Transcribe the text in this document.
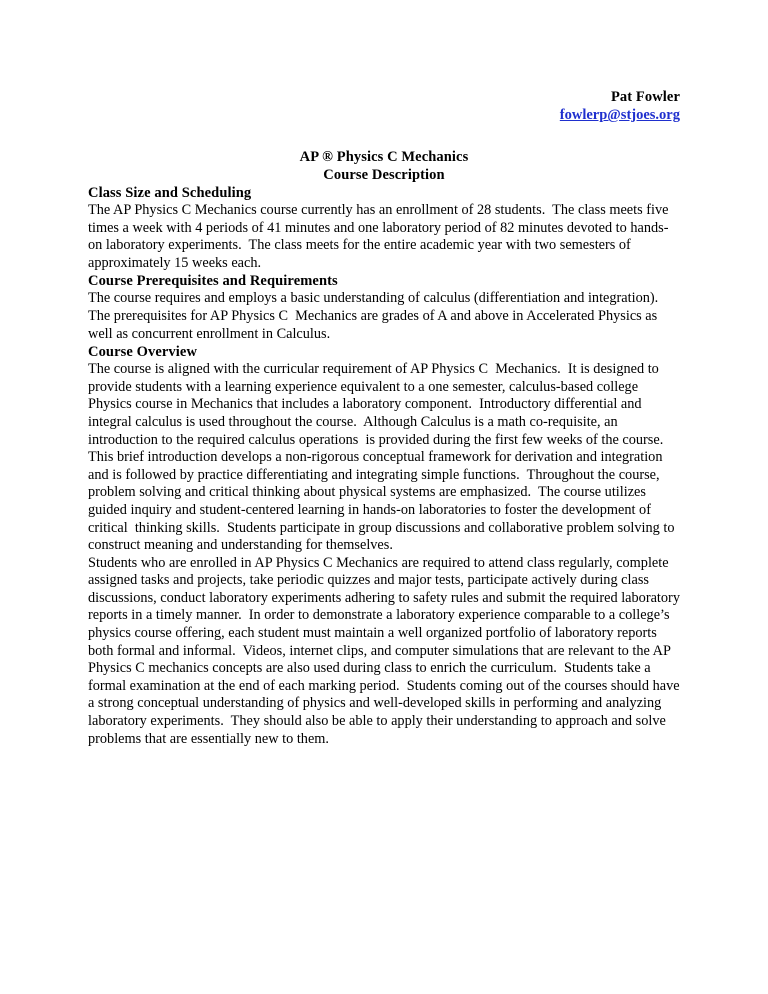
Pat Fowler
fowlerp@stjoes.org
AP ® Physics C Mechanics
Course Description
Class Size and Scheduling

The AP Physics C Mechanics course currently has an enrollment of 28 students.  The class meets five times a week with 4 periods of 41 minutes and one laboratory period of 82 minutes devoted to hands-on laboratory experiments.  The class meets for the entire academic year with two semesters of approximately 15 weeks each.

Course Prerequisites and Requirements

The course requires and employs a basic understanding of calculus (differentiation and integration).  The prerequisites for AP Physics C  Mechanics are grades of A and above in Accelerated Physics as well as concurrent enrollment in Calculus.

Course Overview

The course is aligned with the curricular requirement of AP Physics C  Mechanics.  It is designed to provide students with a learning experience equivalent to a one semester, calculus-based college Physics course in Mechanics that includes a laboratory component.  Introductory differential and integral calculus is used throughout the course.  Although Calculus is a math co-requisite, an introduction to the required calculus operations  is provided during the first few weeks of the course.  This brief introduction develops a non-rigorous conceptual framework for derivation and integration and is followed by practice differentiating and integrating simple functions.  Throughout the course, problem solving and critical thinking about physical systems are emphasized.  The course utilizes guided inquiry and student-centered learning in hands-on laboratories to foster the development of critical  thinking skills.  Students participate in group discussions and collaborative problem solving to construct meaning and understanding for themselves.

Students who are enrolled in AP Physics C Mechanics are required to attend class regularly, complete assigned tasks and projects, take periodic quizzes and major tests, participate actively during class discussions, conduct laboratory experiments adhering to safety rules and submit the required laboratory reports in a timely manner.  In order to demonstrate a laboratory experience comparable to a college’s physics course offering, each student must maintain a well organized portfolio of laboratory reports both formal and informal.  Videos, internet clips, and computer simulations that are relevant to the AP Physics C mechanics concepts are also used during class to enrich the curriculum.  Students take a formal examination at the end of each marking period.  Students coming out of the courses should have a strong conceptual understanding of physics and well-developed skills in performing and analyzing laboratory experiments.  They should also be able to apply their understanding to approach and solve problems that are essentially new to them.
